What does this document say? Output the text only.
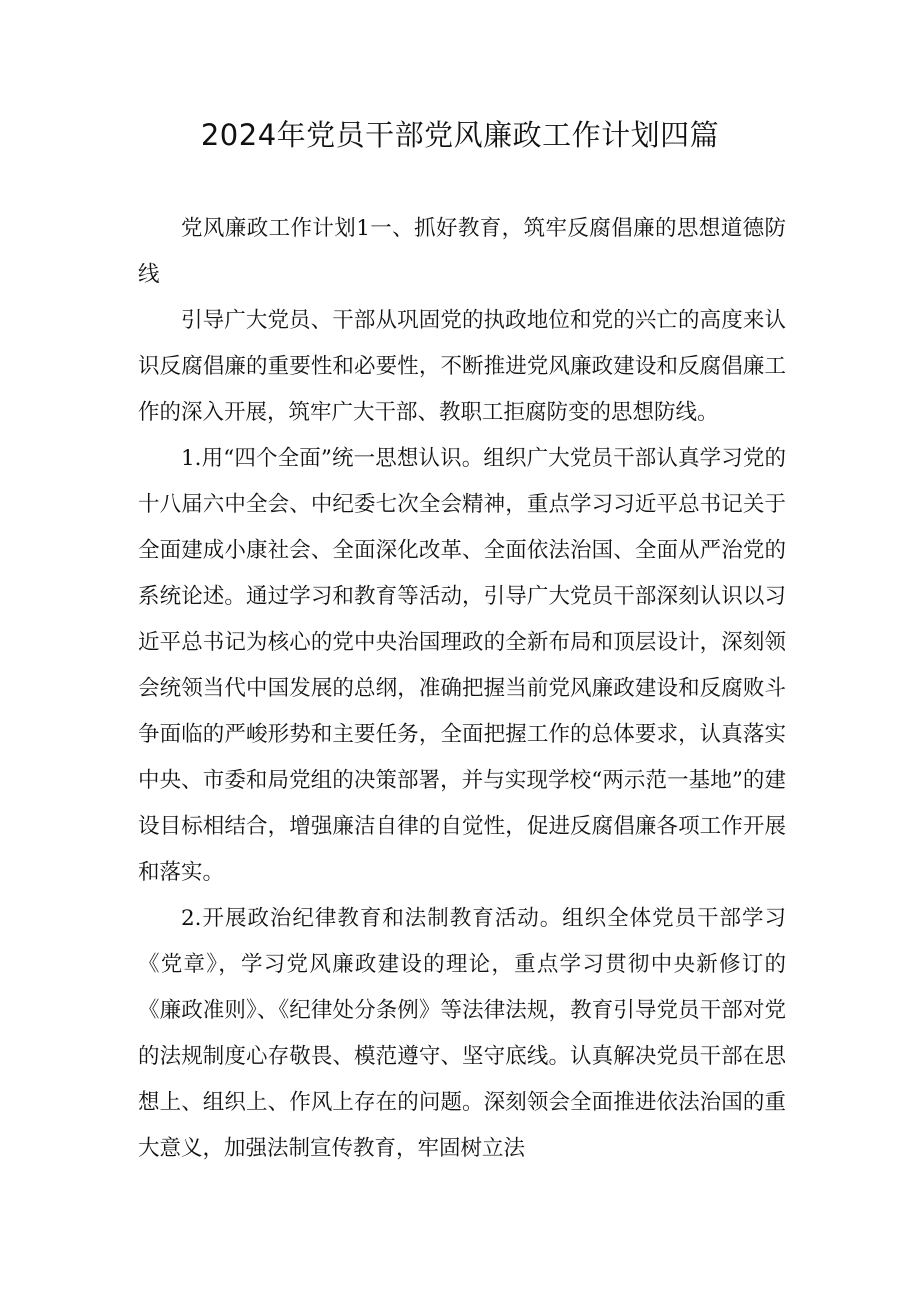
2024年党员干部党风廉政工作计划四篇

党风廉政工作计划1一、抓好教育，筑牢反腐倡廉的思想道德防线

引导广大党员、干部从巩固党的执政地位和党的兴亡的高度来认识反腐倡廉的重要性和必要性，不断推进党风廉政建设和反腐倡廉工作的深入开展，筑牢广大干部、教职工拒腐防变的思想防线。

1.用“四个全面”统一思想认识。组织广大党员干部认真学习党的十八届六中全会、中纪委七次全会精神，重点学习习近平总书记关于全面建成小康社会、全面深化改革、全面依法治国、全面从严治党的系统论述。通过学习和教育等活动，引导广大党员干部深刻认识以习近平总书记为核心的党中央治国理政的全新布局和顶层设计，深刻领会统领当代中国发展的总纲，准确把握当前党风廉政建设和反腐败斗争面临的严峻形势和主要任务，全面把握工作的总体要求，认真落实中央、市委和局党组的决策部署，并与实现学校“两示范一基地”的建设目标相结合，增强廉洁自律的自觉性，促进反腐倡廉各项工作开展和落实。

2.开展政治纪律教育和法制教育活动。组织全体党员干部学习《党章》，学习党风廉政建设的理论，重点学习贯彻中央新修订的《廉政准则》、《纪律处分条例》等法律法规，教育引导党员干部对党的法规制度心存敬畏、模范遵守、坚守底线。认真解决党员干部在思想上、组织上、作风上存在的问题。深刻领会全面推进依法治国的重大意义，加强法制宣传教育，牢固树立法
